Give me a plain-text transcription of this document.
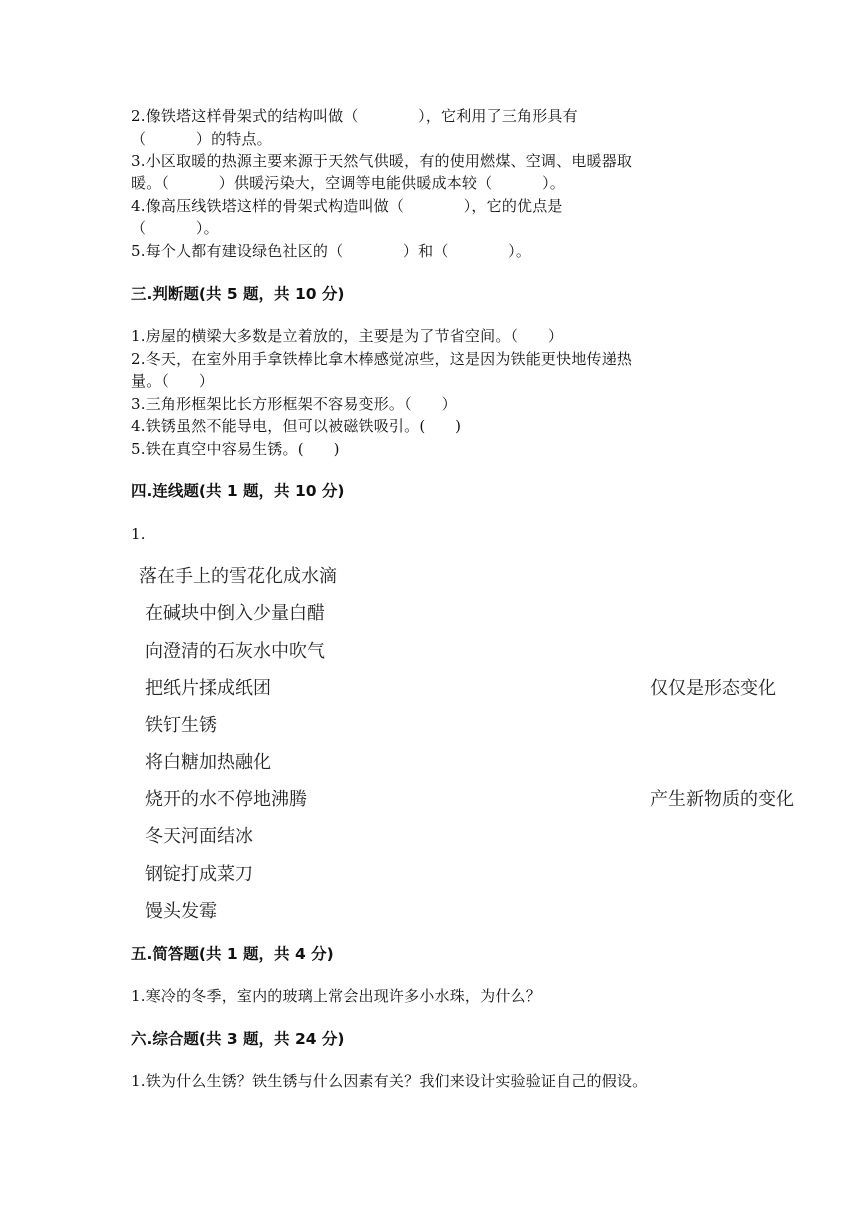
2.像铁塔这样骨架式的结构叫做（            ），它利用了三角形具有
（          ）的特点。
3.小区取暖的热源主要来源于天然气供暖，有的使用燃煤、空调、电暖器取
暖。（          ）供暖污染大，空调等电能供暖成本较（          ）。
4.像高压线铁塔这样的骨架式构造叫做（            ），它的优点是
（          ）。
5.每个人都有建设绿色社区的（            ）和（            ）。
三.判断题(共 5 题，共 10 分)
1.房屋的横梁大多数是立着放的，主要是为了节省空间。（      ）
2.冬天，在室外用手拿铁棒比拿木棒感觉凉些，这是因为铁能更快地传递热
量。（      ）
3.三角形框架比长方形框架不容易变形。（      ）
4.铁锈虽然不能导电，但可以被磁铁吸引。(      )
5.铁在真空中容易生锈。(      )
四.连线题(共 1 题，共 10 分)
1.
落在手上的雪花化成水滴
在碱块中倒入少量白醋
向澄清的石灰水中吹气
把纸片揉成纸团
铁钉生锈
将白糖加热融化
烧开的水不停地沸腾
冬天河面结冰
钢锭打成菜刀
馒头发霉
仅仅是形态变化
产生新物质的变化
五.简答题(共 1 题，共 4 分)
1.寒冷的冬季，室内的玻璃上常会出现许多小水珠，为什么？
六.综合题(共 3 题，共 24 分)
1.铁为什么生锈？铁生锈与什么因素有关？我们来设计实验验证自己的假设。
